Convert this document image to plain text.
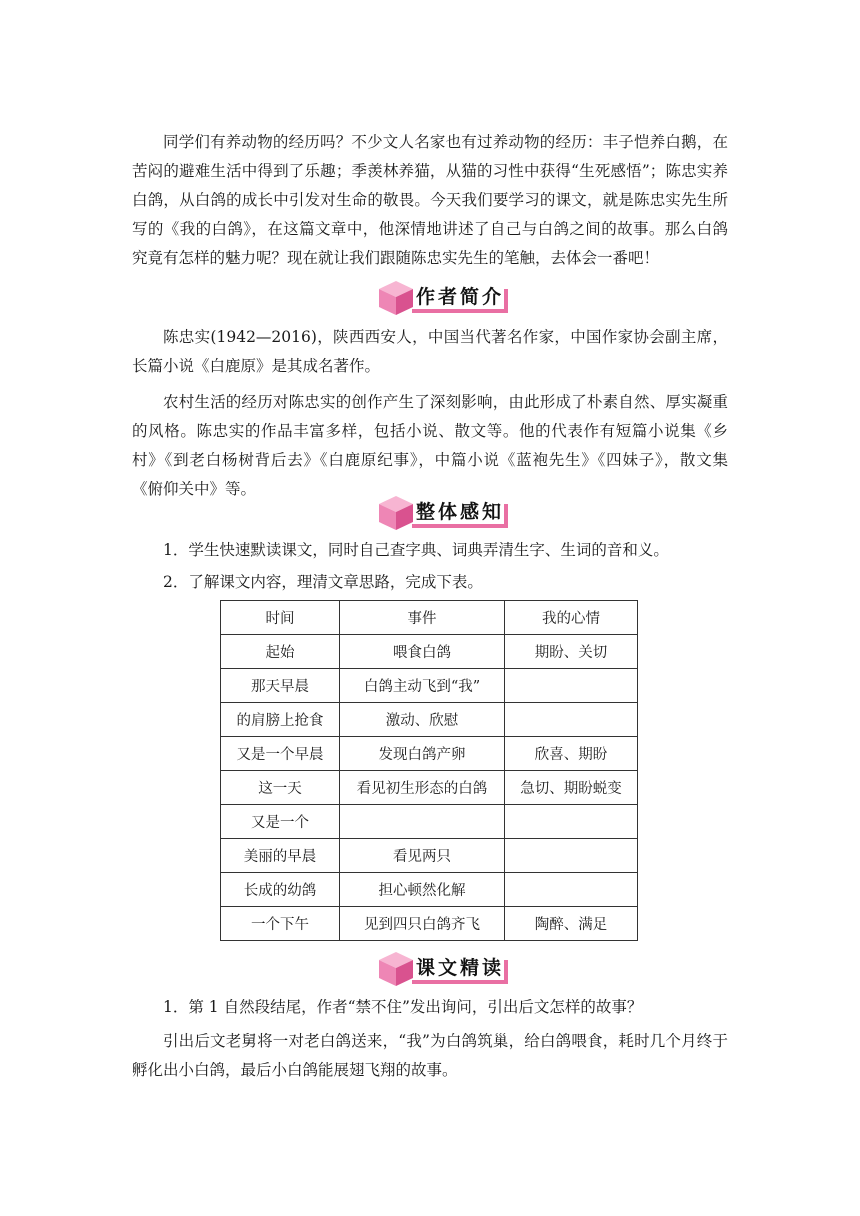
同学们有养动物的经历吗？不少文人名家也有过养动物的经历：丰子恺养白鹅，在苦闷的避难生活中得到了乐趣；季羡林养猫，从猫的习性中获得“生死感悟”；陈忠实养白鸽，从白鸽的成长中引发对生命的敬畏。今天我们要学习的课文，就是陈忠实先生所写的《我的白鸽》，在这篇文章中，他深情地讲述了自己与白鸽之间的故事。那么白鸽究竟有怎样的魅力呢？现在就让我们跟随陈忠实先生的笔触，去体会一番吧！

作者简介

陈忠实(1942—2016)，陕西西安人，中国当代著名作家，中国作家协会副主席，长篇小说《白鹿原》是其成名著作。

农村生活的经历对陈忠实的创作产生了深刻影响，由此形成了朴素自然、厚实凝重的风格。陈忠实的作品丰富多样，包括小说、散文等。他的代表作有短篇小说集《乡村》《到老白杨树背后去》《白鹿原纪事》，中篇小说《蓝袍先生》《四妹子》，散文集《俯仰关中》等。

整体感知

1．学生快速默读课文，同时自己查字典、词典弄清生字、生词的音和义。

2．了解课文内容，理清文章思路，完成下表。

时间	事件	我的心情
起始	喂食白鸽	期盼、关切
那天早晨	白鸽主动飞到“我”	
的肩膀上抢食	激动、欣慰	
又是一个早晨	发现白鸽产卵	欣喜、期盼
这一天	看见初生形态的白鸽	急切、期盼蜕变
又是一个		
美丽的早晨	看见两只	
长成的幼鸽	担心顿然化解	
一个下午	见到四只白鸽齐飞	陶醉、满足
课文精读

1．第 1 自然段结尾，作者“禁不住”发出询问，引出后文怎样的故事？

引出后文老舅将一对老白鸽送来，“我”为白鸽筑巢，给白鸽喂食，耗时几个月终于孵化出小白鸽，最后小白鸽能展翅飞翔的故事。
